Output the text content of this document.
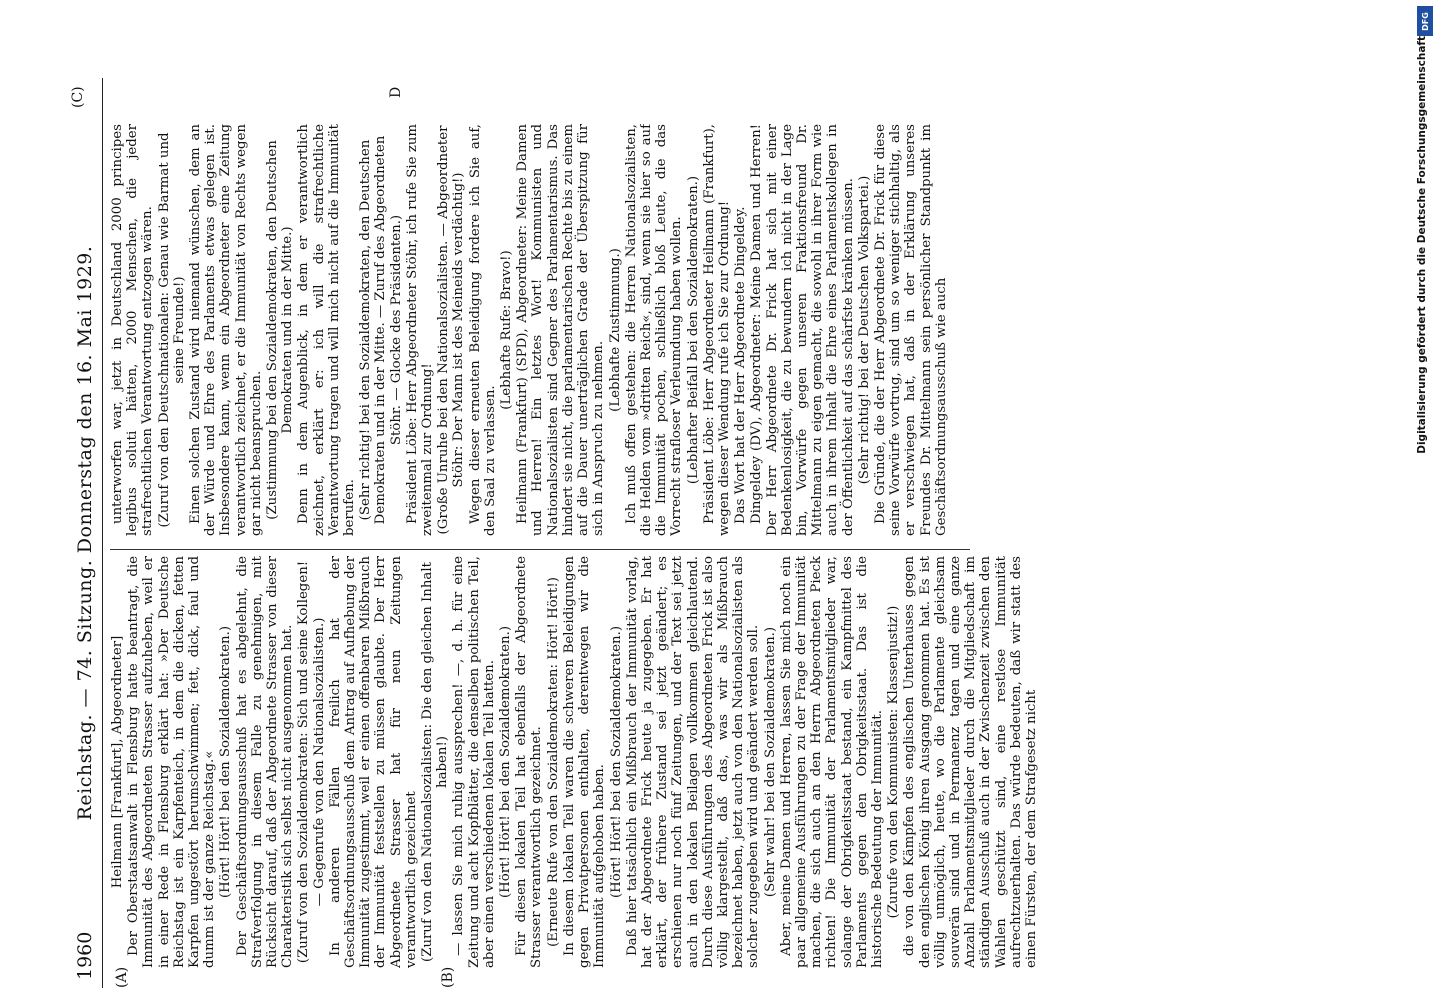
1960
Reichstag. — 74. Sitzung. Donnerstag den 16. Mai 1929.
(A)	(B)
(C)	D

Heilmann [Frankfurt], Abgeordneter] Der Oberstaatsanwalt in Flensburg hatte beantragt, die Immunität des Abgeordneten Strasser aufzuheben, weil er in einer Rede in Flensburg erklärt hat: »Der Deutsche Reichstag ist ein Karpfenteich, in dem die dicken, fetten Karpfen ungestört herumschwimmen; fett, dick, faul und dumm ist der ganze Reichstag.« (Hört! Hört! bei den Sozialdemokraten.) Der Geschäftsordnungsausschuß hat es abgelehnt, die Strafverfolgung in diesem Falle zu genehmigen, mit Rücksicht darauf, daß der Abgeordnete Strasser von dieser Charakteristik sich selbst nicht ausgenommen hat. (Zuruf von den Sozialdemokraten: Sich und seine Kollegen! — Gegenrufe von den Nationalsozialisten.) In anderen Fällen freilich hat der Geschäftsordnungsausschuß dem Antrag auf Aufhebung der Immunität zugestimmt, weil er einen offenbaren Mißbrauch der Immunität feststellen zu müssen glaubte. Der Herr Abgeordnete Strasser hat für neun Zeitungen verantwortlich gezeichnet (Zuruf von den Nationalsozialisten: Die den gleichen Inhalt haben!) — lassen Sie mich ruhig aussprechen! —, d. h. für eine Zeitung und acht Kopfblätter, die denselben politischen Teil, aber einen verschiedenen lokalen Teil hatten. (Hört! Hört! bei den Sozialdemokraten.) Für diesen lokalen Teil hat ebenfalls der Abgeordnete Strasser verantwortlich gezeichnet. (Erneute Rufe von den Sozialdemokraten: Hört! Hört!) In diesem lokalen Teil waren die schweren Beleidigungen gegen Privatpersonen enthalten, derentwegen wir die Immunität aufgehoben haben. (Hört! Hört! bei den Sozialdemokraten.) Daß hier tatsächlich ein Mißbrauch der Immunität vorlag, hat der Abgeordnete Frick heute ja zugegeben. Er hat erklärt, der frühere Zustand sei jetzt geändert; es erschienen nur noch fünf Zeitungen, und der Text sei jetzt auch in den lokalen Beilagen vollkommen gleichlautend. Durch diese Ausführungen des Abgeordneten Frick ist also völlig klargestellt, daß das, was wir als Mißbrauch bezeichnet haben, jetzt auch von den Nationalsozialisten als solcher zugegeben wird und geändert werden soll. (Sehr wahr! bei den Sozialdemokraten.) Aber, meine Damen und Herren, lassen Sie mich noch ein paar allgemeine Ausführungen zu der Frage der Immunität machen, die sich auch an den Herrn Abgeordneten Pieck richten! Die Immunität der Parlamentsmitglieder war, solange der Obrigkeitsstaat bestand, ein Kampfmittel des Parlaments gegen den Obrigkeitsstaat. Das ist die historische Bedeutung der Immunität. (Zurufe von den Kommunisten: Klassenjustiz!) die von den Kämpfen des englischen Unterhauses gegen den englischen König ihren Ausgang genommen hat. Es ist völlig unmöglich, heute, wo die Parlamente gleichsam souverän sind und in Permanenz tagen und eine ganze Anzahl Parlamentsmitglieder durch die Mitgliedschaft im ständigen Ausschuß auch in der Zwischenzeit zwischen den Wahlen geschützt sind, eine restlose Immunität aufrechtzuerhalten. Das würde bedeuten, daß wir statt des einen Fürsten, der dem Strafgesetz nicht

unterworfen war, jetzt in Deutschland 2000 principes legibus soluti hätten, 2000 Menschen, die jeder strafrechtlichen Verantwortung entzogen wären. (Zuruf von den Deutschnationalen: Genau wie Barmat und seine Freunde!) Einen solchen Zustand wird niemand wünschen, dem an der Würde und Ehre des Parlaments etwas gelegen ist. Insbesondere kann, wenn ein Abgeordneter eine Zeitung verantwortlich zeichnet, er die Immunität von Rechts wegen gar nicht beanspruchen. (Zustimmung bei den Sozialdemokraten, den Deutschen Demokraten und in der Mitte.) Denn in dem Augenblick, in dem er verantwortlich zeichnet, erklärt er: ich will die strafrechtliche Verantwortung tragen und will mich nicht auf die Immunität berufen. (Sehr richtig! bei den Sozialdemokraten, den Deutschen Demokraten und in der Mitte. — Zuruf des Abgeordneten Stöhr. — Glocke des Präsidenten.) Präsident Löbe: Herr Abgeordneter Stöhr, ich rufe Sie zum zweitenmal zur Ordnung! (Große Unruhe bei den Nationalsozialisten. — Abgeordneter Stöhr: Der Mann ist des Meineids verdächtig!) Wegen dieser erneuten Beleidigung fordere ich Sie auf, den Saal zu verlassen.

(Lebhafte Rufe: Bravo!) Heilmann (Frankfurt) (SPD), Abgeordneter: Meine Damen und Herren! Ein letztes Wort! Kommunisten und Nationalsozialisten sind Gegner des Parlamentarismus. Das hindert sie nicht, die parlamentarischen Rechte bis zu einem auf die Dauer unerträglichen Grade der Überspitzung für sich in Anspruch zu nehmen.

(Lebhafte Zustimmung.) Ich muß offen gestehen: die Herren Nationalsozialisten, die Helden vom »dritten Reich«, sind, wenn sie hier so auf die Immunität pochen, schließlich bloß Leute, die das Vorrecht strafloser Verleumdung haben wollen. (Lebhafter Beifall bei den Sozialdemokraten.) Präsident Löbe: Herr Abgeordneter Heilmann (Frankfurt), wegen dieser Wendung rufe ich Sie zur Ordnung! Das Wort hat der Herr Abgeordnete Dingeldey. Dingeldey (DV), Abgeordneter: Meine Damen und Herren! Der Herr Abgeordnete Dr. Frick hat sich mit einer Bedenkenlosigkeit, die zu bewundern ich nicht in der Lage bin, Vorwürfe gegen unseren Fraktionsfreund Dr. Mittelmann zu eigen gemacht, die sowohl in ihrer Form wie auch in ihrem Inhalt die Ehre eines Parlamentskollegen in der Öffentlichkeit auf das schärfste kränken müssen. (Sehr richtig! bei der Deutschen Volkspartei.) Die Gründe, die der Herr Abgeordnete Dr. Frick für diese seine Vorwürfe vortrug, sind um so weniger stichhaltig, als er verschwiegen hat, daß in der Erklärung unseres Freundes Dr. Mittelmann sein persönlicher Standpunkt im Geschäftsordnungsausschuß wie auch	Digitalisierung gefördert durch die Deutsche Forschungsgemeinschaft
DFG
